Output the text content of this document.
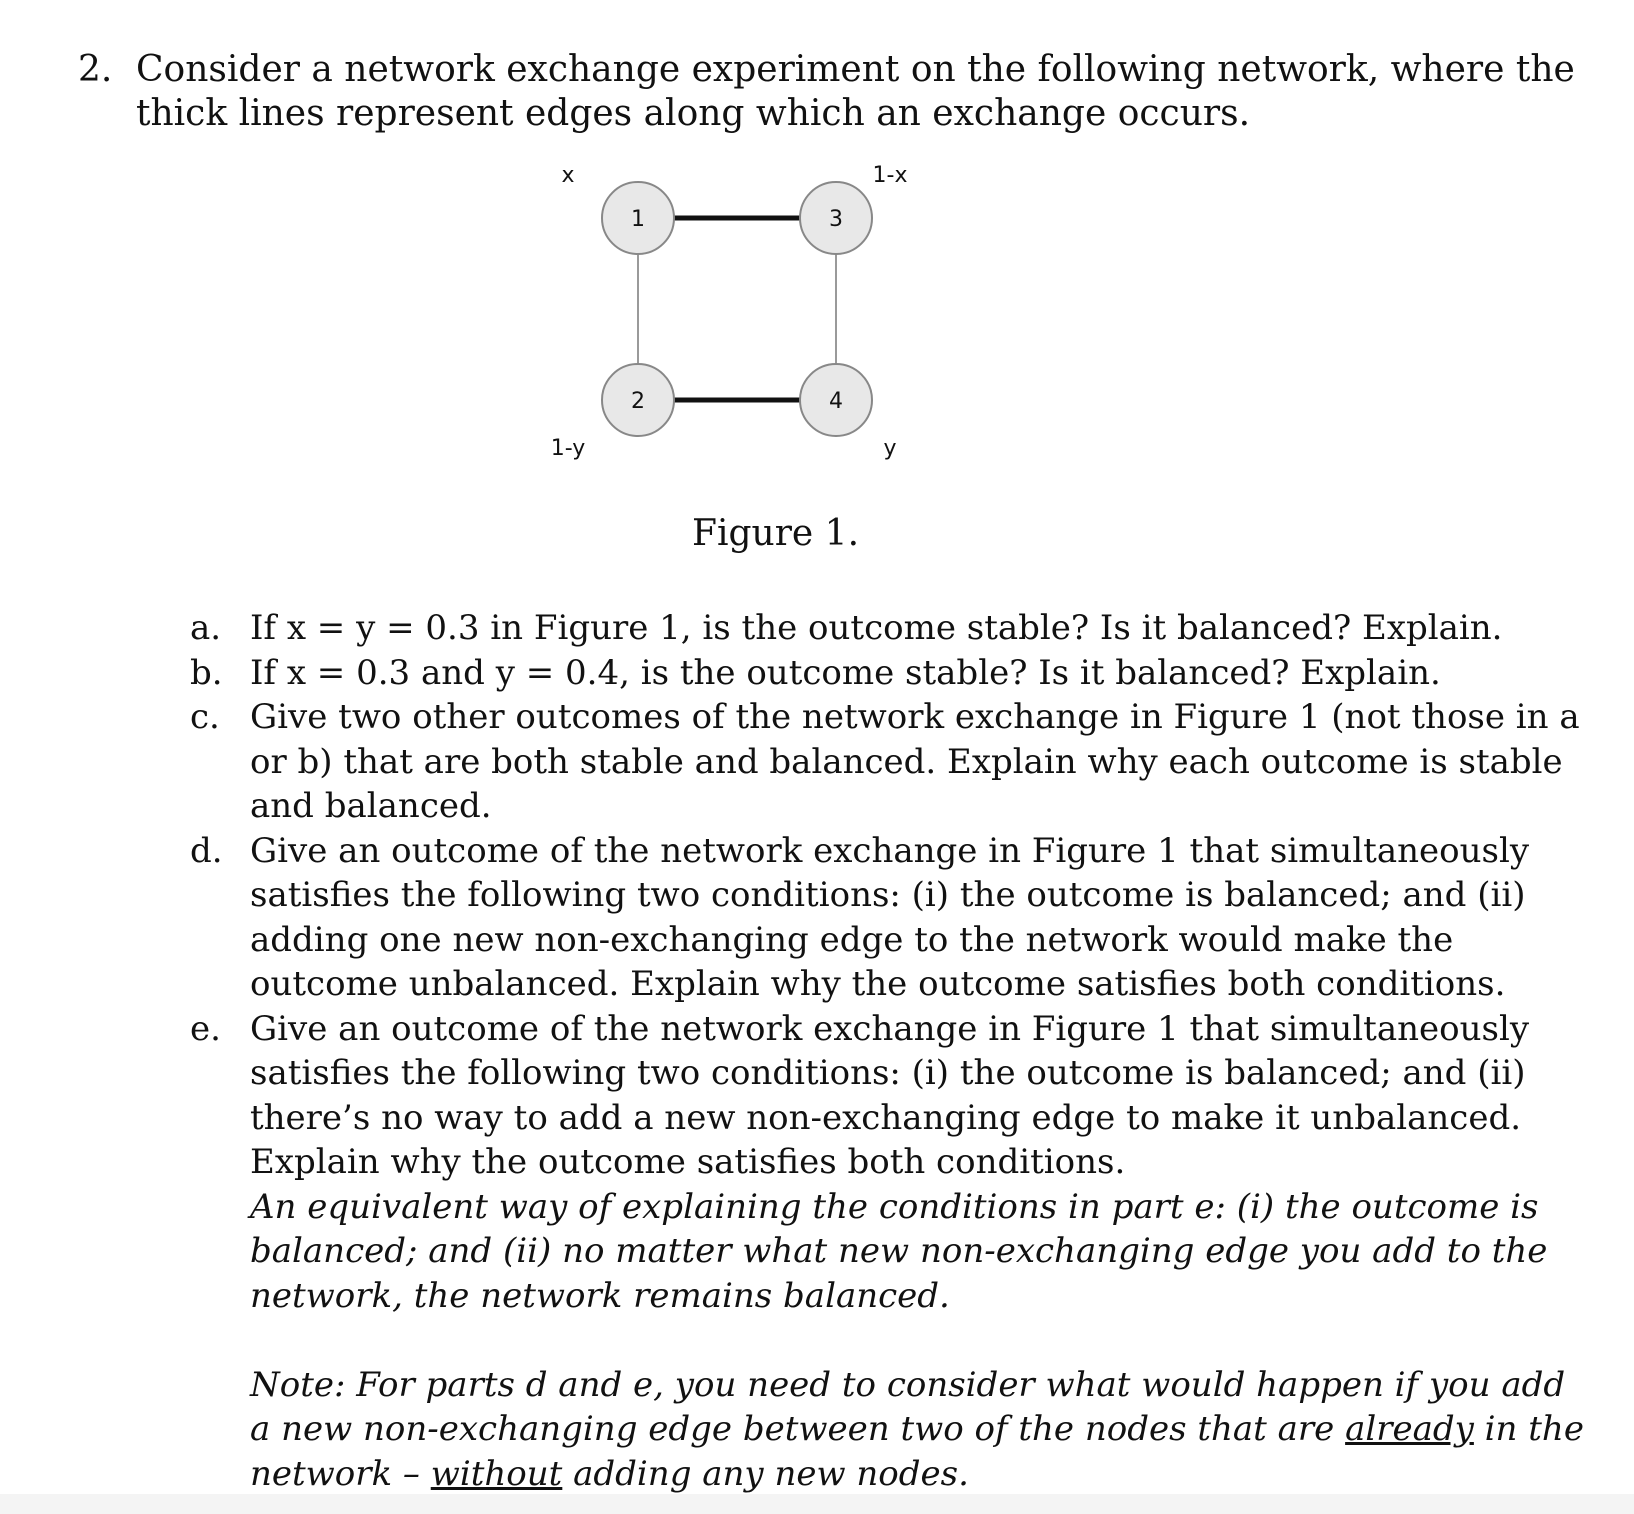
2. Consider a network exchange experiment on the following network, where the thick lines represent edges along which an exchange occurs.
1	3
2	4
x	1-x
1-y	y
Figure 1.
a. If x = y = 0.3 in Figure 1, is the outcome stable? Is it balanced? Explain.
b. If x = 0.3 and y = 0.4, is the outcome stable? Is it balanced? Explain.
c. Give two other outcomes of the network exchange in Figure 1 (not those in a or b) that are both stable and balanced. Explain why each outcome is stable and balanced.
d. Give an outcome of the network exchange in Figure 1 that simultaneously satisfies the following two conditions: (i) the outcome is balanced; and (ii) adding one new non-exchanging edge to the network would make the outcome unbalanced. Explain why the outcome satisfies both conditions.
e. Give an outcome of the network exchange in Figure 1 that simultaneously satisfies the following two conditions: (i) the outcome is balanced; and (ii) there’s no way to add a new non-exchanging edge to make it unbalanced. Explain why the outcome satisfies both conditions.
An equivalent way of explaining the conditions in part e: (i) the outcome is balanced; and (ii) no matter what new non-exchanging edge you add to the network, the network remains balanced.
Note: For parts d and e, you need to consider what would happen if you add a new non-exchanging edge between two of the nodes that are already in the network – without adding any new nodes.
